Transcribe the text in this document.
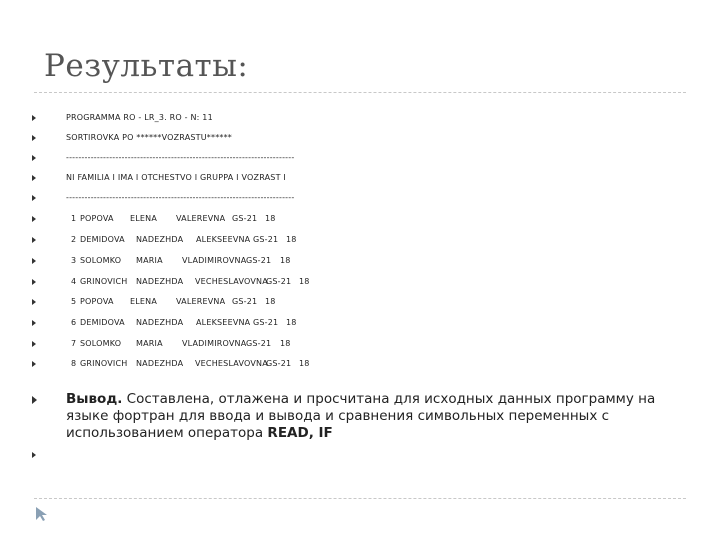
Результаты:
PROGRAMMA RO - LR_3. RO - N: 11
SORTIROVKA PO ******VOZRASTU******
--------------------------------------------------------------------------
NI FAMILIA I IMA I OTCHESTVO I GRUPPA I VOZRAST I
--------------------------------------------------------------------------
1 POPOVA ELENA VALEREVNA GS-21 18
2 DEMIDOVA NADEZHDA ALEKSEEVNA GS-21 18
3 SOLOMKO MARIA VLADIMIROVNA GS-21 18
4 GRINOVICH NADEZHDA VECHESLAVOVNA
GS-21 18
5 POPOVA ELENA VALEREVNA GS-21 18
6 DEMIDOVA NADEZHDA ALEKSEEVNA GS-21 18
7 SOLOMKO MARIA VLADIMIROVNA GS-21 18
8 GRINOVICH NADEZHDA VECHESLAVOVNA
GS-21 18
Вывод. Составлена, отлажена и просчитана для исходных данных программу на языке фортран для ввода и вывода и сравнения символьных переменных с использованием оператора READ, IF
